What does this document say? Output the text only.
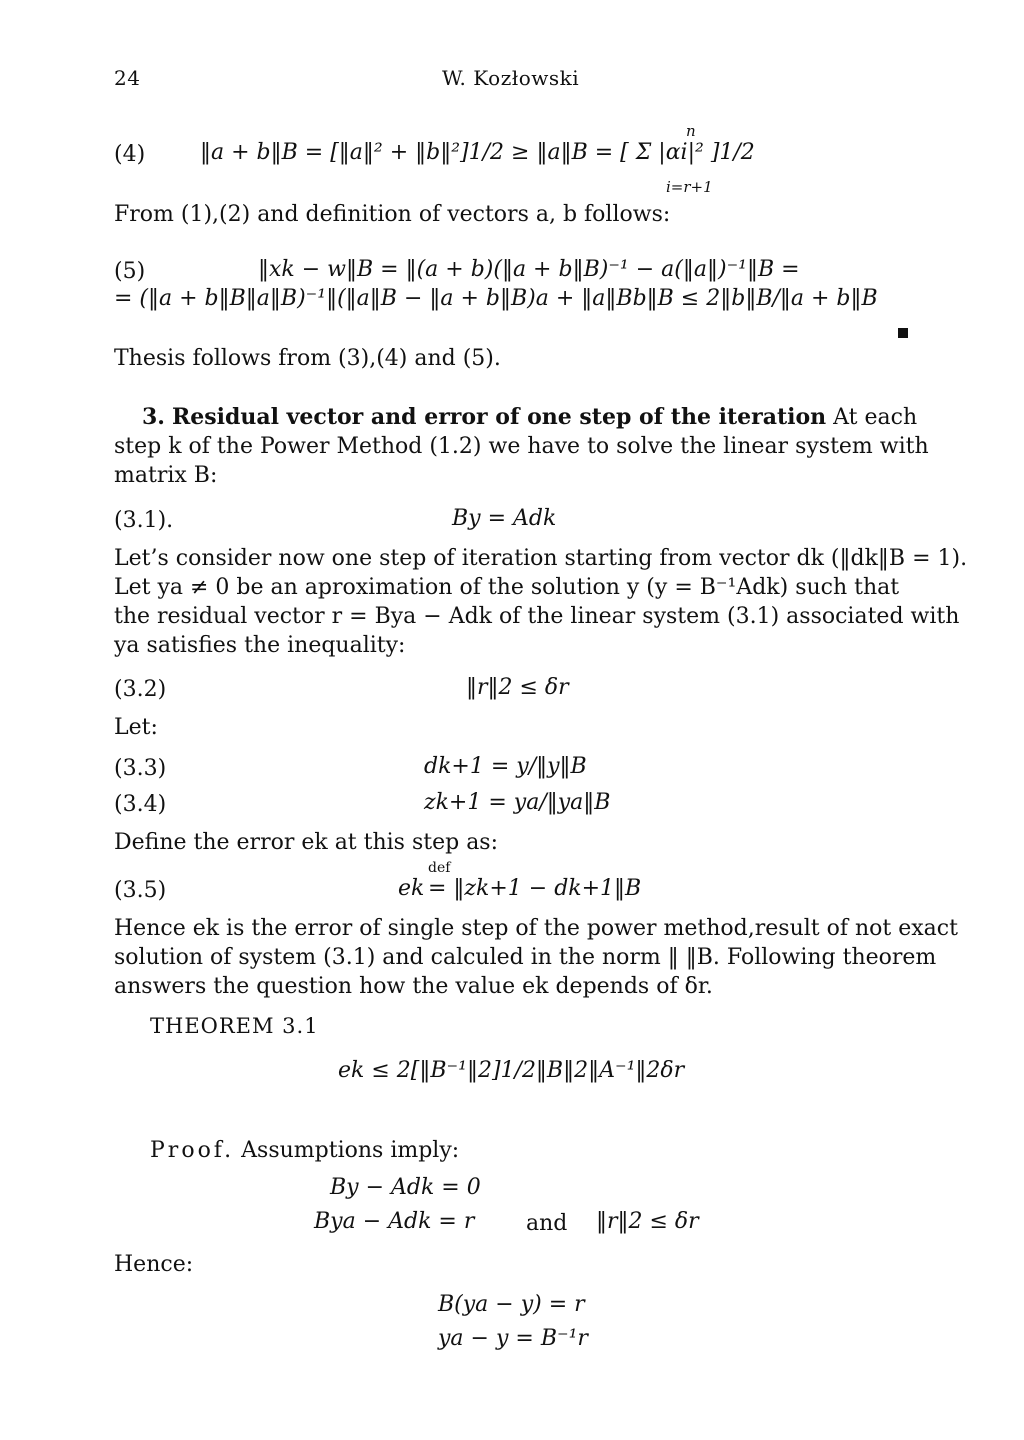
24	W. Kozłowski
(4)
n
‖a + b‖B = [‖a‖² + ‖b‖²]1/2 ≥ ‖a‖B = [ Σ |αi|² ]1/2
i=r+1
From (1),(2) and definition of vectors a, b follows:
(5)	‖xk − w‖B = ‖(a + b)(‖a + b‖B)⁻¹ − a(‖a‖)⁻¹‖B =
= (‖a + b‖B‖a‖B)⁻¹‖(‖a‖B − ‖a + b‖B)a + ‖a‖Bb‖B ≤ 2‖b‖B/‖a + b‖B
Thesis follows from (3),(4) and (5).
3. Residual vector and error of one step of the iteration At each
step k of the Power Method (1.2) we have to solve the linear system with
matrix B:
(3.1).	By = Adk
Let’s consider now one step of iteration starting from vector dk (‖dk‖B = 1).
Let ya ≠ 0 be an aproximation of the solution y (y = B⁻¹Adk) such that
the residual vector r = Bya − Adk of the linear system (3.1) associated with
ya satisfies the inequality:
(3.2)	‖r‖2 ≤ δr
Let:
(3.3)	dk+1 = y/‖y‖B
(3.4)	zk+1 = ya/‖ya‖B
Define the error ek at this step as:
(3.5)	ek
def
= ‖zk+1 − dk+1‖B
Hence ek is the error of single step of the power method,result of not exact
solution of system (3.1) and calculed in the norm ‖ ‖B. Following theorem
answers the question how the value ek depends of δr.
THEOREM 3.1
ek ≤ 2[‖B⁻¹‖2]1/2‖B‖2‖A⁻¹‖2δr
Proof. Assumptions imply:
By − Adk = 0
Bya − Adk = r and ‖r‖2 ≤ δr
Hence:
B(ya − y) = r
ya − y = B⁻¹r
